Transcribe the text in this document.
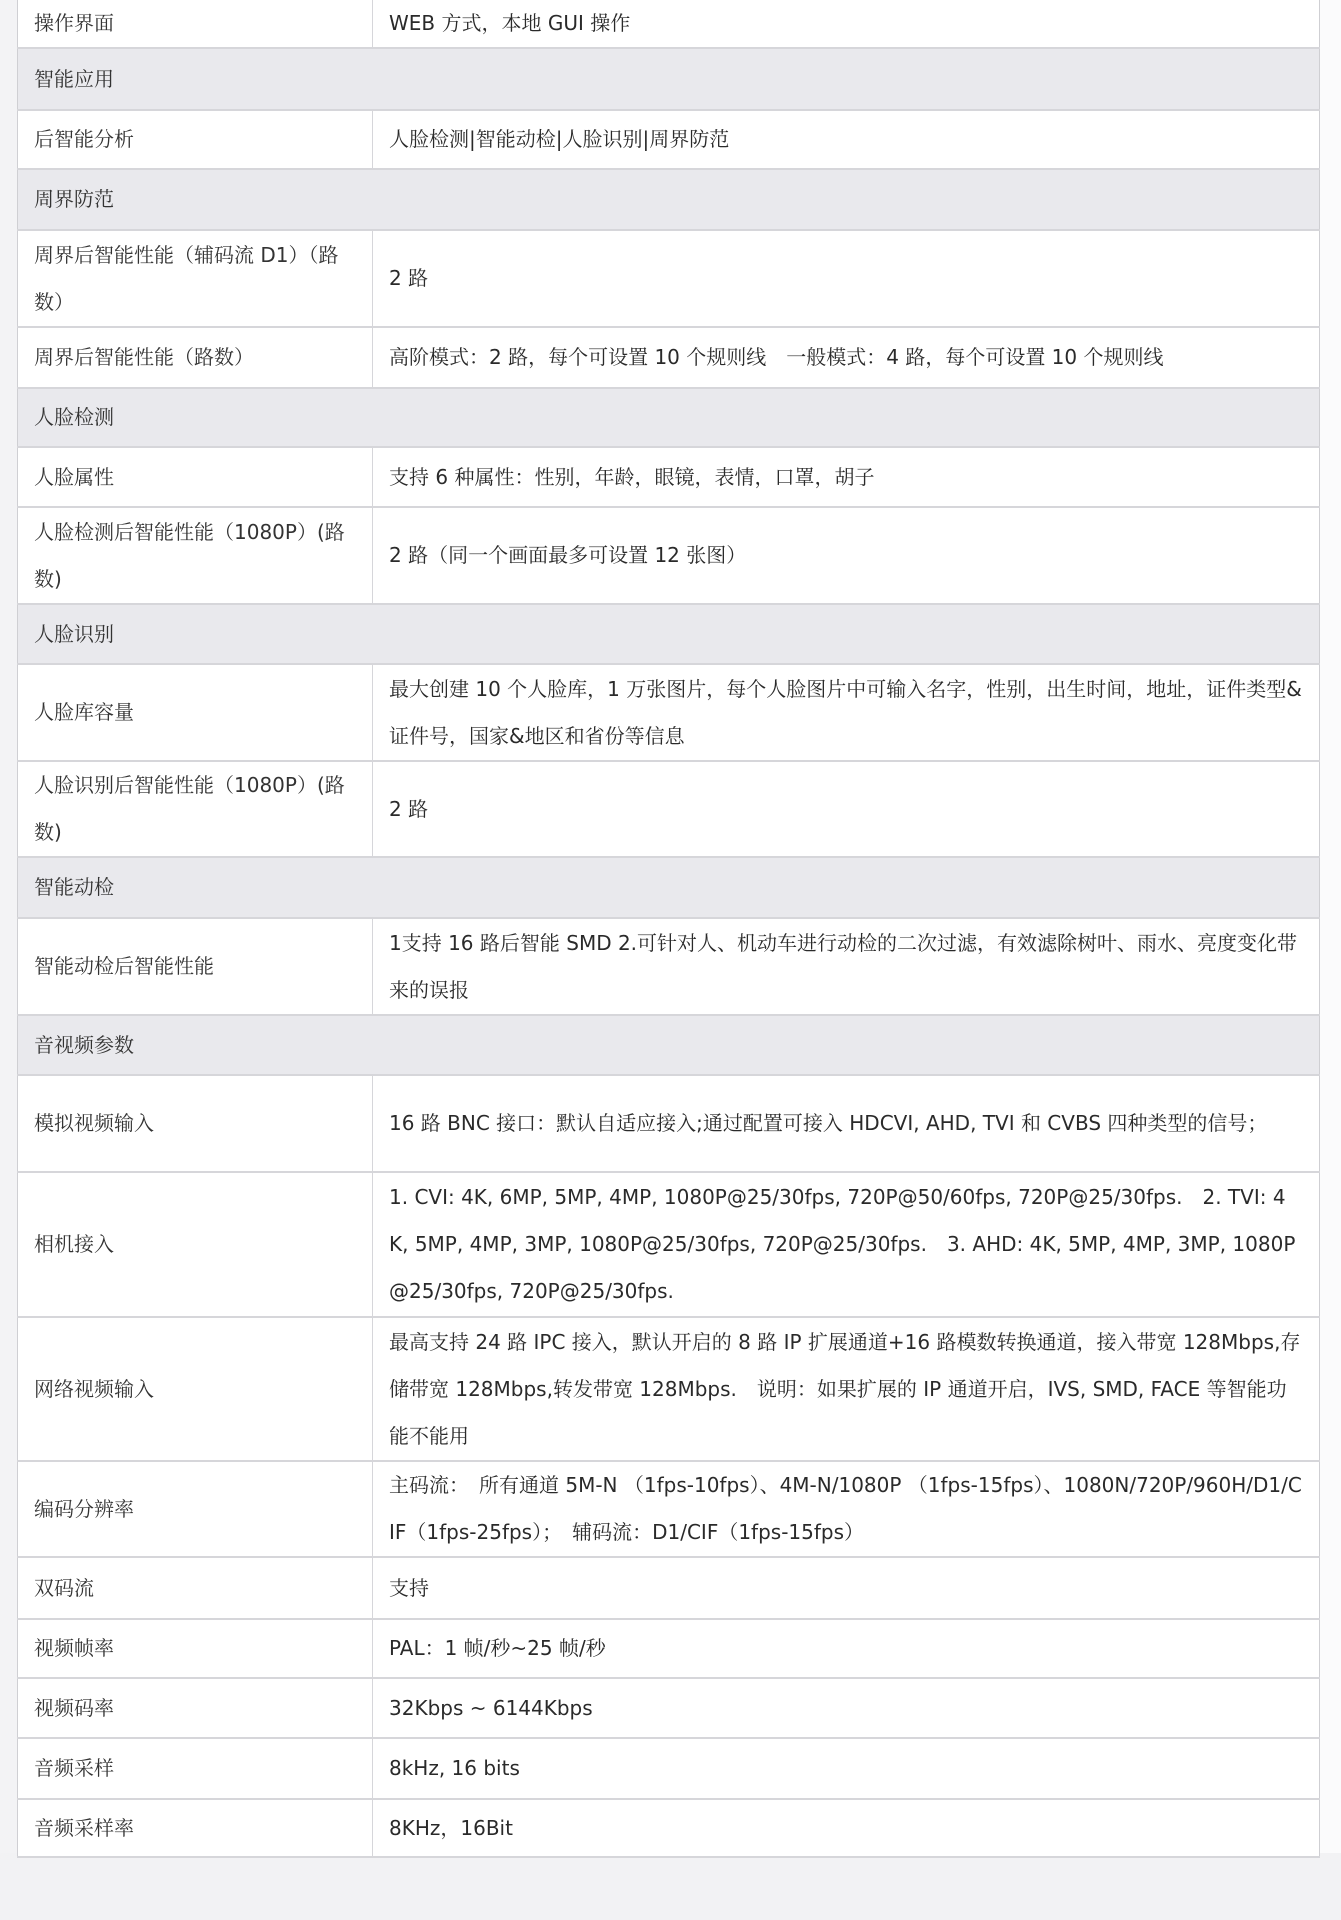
操作界面	WEB 方式，本地 GUI 操作
智能应用	
后智能分析	人脸检测|智能动检|人脸识别|周界防范
周界防范	
周界后智能性能（辅码流 D1）（路数）	2 路
周界后智能性能（路数）	高阶模式：2 路，每个可设置 10 个规则线　一般模式：4 路，每个可设置 10 个规则线
人脸检测	
人脸属性	支持 6 种属性：性别，年龄，眼镜，表情，口罩，胡子
人脸检测后智能性能（1080P）(路数)	2 路（同一个画面最多可设置 12 张图）
人脸识别	
人脸库容量	最大创建 10 个人脸库，1 万张图片，每个人脸图片中可输入名字，性别，出生时间，地址，证件类型&证件号，国家&地区和省份等信息
人脸识别后智能性能（1080P）(路数)	2 路
智能动检	
智能动检后智能性能	1支持 16 路后智能 SMD 2.可针对人、机动车进行动检的二次过滤，有效滤除树叶、雨水、亮度变化带来的误报
音视频参数	
模拟视频输入	16 路 BNC 接口：默认自适应接入;通过配置可接入 HDCVI, AHD, TVI 和 CVBS 四种类型的信号；
相机接入	1. CVI: 4K, 6MP, 5MP, 4MP, 1080P@25/30fps, 720P@50/60fps, 720P@25/30fps.　2. TVI: 4K, 5MP, 4MP, 3MP, 1080P@25/30fps, 720P@25/30fps.　3. AHD: 4K, 5MP, 4MP, 3MP, 1080P@25/30fps, 720P@25/30fps.
网络视频输入	最高支持 24 路 IPC 接入，默认开启的 8 路 IP 扩展通道+16 路模数转换通道，接入带宽 128Mbps,存储带宽 128Mbps,转发带宽 128Mbps.　说明：如果扩展的 IP 通道开启，IVS, SMD, FACE 等智能功能不能用
编码分辨率	主码流：　所有通道 5M-N （1fps-10fps）、4M-N/1080P （1fps-15fps）、1080N/720P/960H/D1/CIF（1fps-25fps）；　辅码流：D1/CIF（1fps-15fps）
双码流	支持
视频帧率	PAL：1 帧/秒~25 帧/秒
视频码率	32Kbps ~ 6144Kbps
音频采样	8kHz, 16 bits
音频采样率	8KHz，16Bit
